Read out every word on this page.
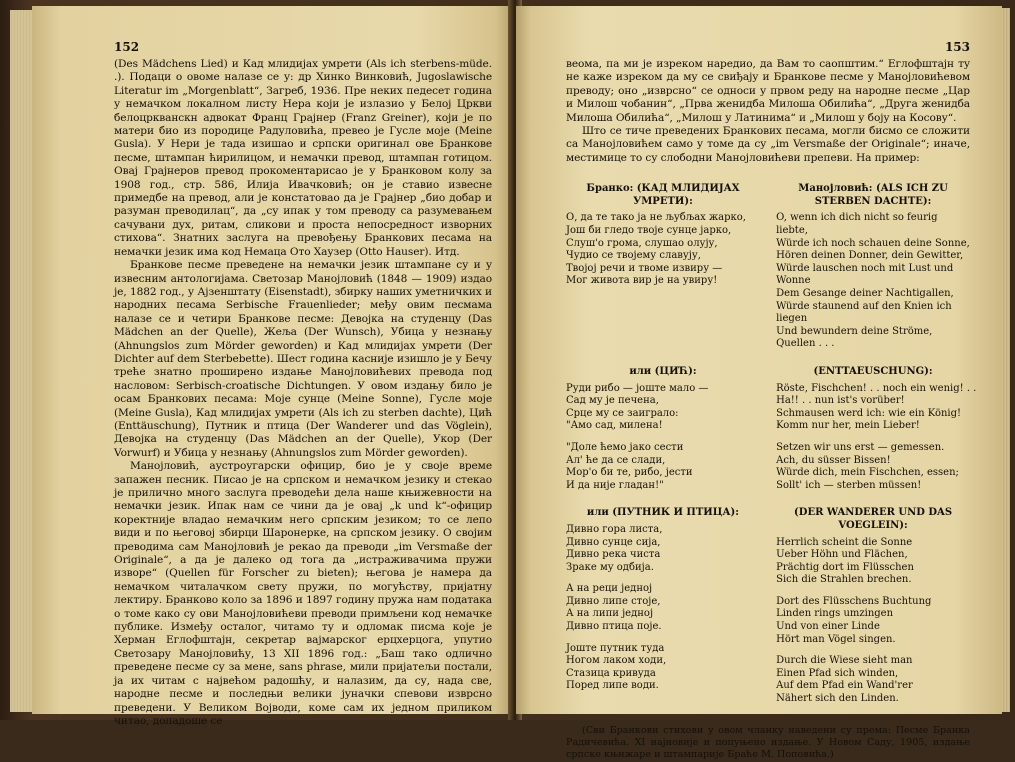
152

(Des Mädchens Lied) и Кад млидијах умрети (Als ich sterbens-müde. .). Подаци о овоме налазе се у: др Хинко Винковић, Jugoslawische Literatur im „Morgenblatt“, Загреб, 1936. Пре неких педесет година у немачком локалном листу Нера који је излазио у Белој Цркви белоцркванскн адвокат Франц Грајнер (Franz Greiner), који је по матери био из породице Радуловића, превео је Гусле моје (Meine Gusla). У Нери је тада изишао и српски оригинал ове Бранкове песме, штампан ћирилицом, и немачки превод, штампан готицом. Овај Грајнеров превод прокоментарисао је у Бранковом колу за 1908 год., стр. 586, Илија Ивачковић; он је ставио извесне примедбе на превод, али је констатовао да је Грајнер „био добар и разуман преводилац“, да „су ипак у том преводу са разумевањем сачувани дух, ритам, сликови и проста непосредност изворних стихова“. Знатних заслуга на превођењу Бранкових песама на немачки језик има код Немаца Ото Хаузер (Otto Hauser). Итд.

Бранкове песме преведене на немачки језик штампане су и у извесним антологијама. Светозар Манојловић (1848 — 1909) издао је, 1882 год., у Ајзенштату (Eisenstadt), збирку наших уметничких и народних песама Serbische Frauenlieder; међу овим песмама налазе се и четири Бранкове песме: Девојка на студенцу (Das Mädchen an der Quelle), Жеља (Der Wunsch), Убица у незнању (Ahnungslos zum Mörder geworden) и Кад млидијах умрети (Der Dichter auf dem Sterbebette). Шест година касније изишло је у Бечу треће знатно проширено издање Манојловићевих превода под насловом: Serbisch-croatische Dichtungen. У овом издању било је осам Бранкових песама: Моје сунце (Meine Sonne), Гусле моје (Meine Gusla), Кад млидијах умрети (Als ich zu sterben dachte), Цић (Enttäuschung), Путник и птица (Der Wanderer und das Vöglein), Девојка на студенцу (Das Mädchen an der Quelle), Укор (Der Vorwurf) и Убица у незнању (Ahnungslos zum Mörder geworden).

Манојловић, аустроугарски официр, био је у своје време запажен песник. Писао је на српском и немачком језику и стекао је прилично много заслуга преводећи дела наше књижевности на немачки језик. Ипак нам се чини да је овај „k und k“-официр коректније владао немачким него српским језиком; то се лепо види и по његовој збирци Шаронерке, на српском језику. О својим преводима сам Манојловић је рекао да преводи „im Versmaße der Originale“, а да је далеко од тога да „истраживачима пружи изворе“ (Quellen für Forscher zu bieten); његова је намера да немачком читалачком свету пружи, по могућству, пријатну лектиру. Бранково коло за 1896 и 1897 годину пружа нам података о томе како су ови Манојловићеви преводи примљени код немачке публике. Између осталог, читамо ту и одломак писма које је Херман Еглофштајн, секретар вајмарског ерцхерцога, упутио Светозару Манојловићу, 13 XII 1896 год.: „Баш тако одлично преведене песме су за мене, sans phrase, мили пријатељи постали, ја их читам с највећом радошћу, и налазим, да су, нада све, народне песме и последњи велики јуначки спевови изврсно преведени. У Великом Војводи, коме сам их једном приликом читао, допадоше се

153

веома, па ми је изреком наредио, да Вам то саопштим.“ Еглофштајн ту не каже изреком да му се свиђају и Бранкове песме у Манојловићевом преводу; оно „изврсно“ се односи у првом реду на народне песме „Цар и Милош чобанин“, „Прва женидба Милоша Обилића“, „Друга женидба Милоша Обилића“, „Милош у Латинима“ и „Милош у боју на Косову“.

Што се тиче преведених Бранкових песама, могли бисмо се сложити са Манојловићем само у томе да су „im Versmaße der Originale“; иначе, местимице то су слободни Манојловићеви препеви. На пример:

Бранко: (КАД МЛИДИЈАХ УМРЕТИ):
О, да те тако ја не љубљах жарко,
Још би гледо твоје сунце јарко,
Слуш'о грома, слушао олују,
Чудио се твојему славују,
Твојој речи и твоме извиру —
Мог живота вир је на увиру!
Манојловић: (ALS ICH ZU STERBEN DACHTE):
O, wenn ich dich nicht so feurig
liebte,
Würde ich noch schauen deine Sonne,
Hören deinen Donner, dein Gewitter,
Würde lauschen noch mit Lust und
Wonne
Dem Gesange deiner Nachtigallen,
Würde staunend auf den Knien ich
liegen
Und bewundern deine Ströme,
Quellen . . .
или (ЦИЋ):
Руди рибо — јоште мало —
Сад му је печена,
Срце му се заиграло:
"Амо сад, милена!
"Доле ћемо јако сести
Ал' ће да се слади,
Мор'о би те, рибо, јести
И да није гладан!"
(ENTTAEUSCHUNG):
Röste, Fischchen! . . noch ein wenig! . .
Ha!! . . nun ist's vorüber!
Schmausen werd ich: wie ein König!
Komm nur her, mein Lieber!
Setzen wir uns erst — gemessen.
Ach, du süsser Bissen!
Würde dich, mein Fischchen, essen;
Sollt' ich — sterben müssen!
или (ПУТНИК И ПТИЦА):
Дивно гора листа,
Дивно сунце сија,
Дивно река чиста
Зраке му одбија.
А на реци једној
Дивно липе стоје,
А на липи једној
Дивно птица поје.
Јоште путник туда
Ногом лаком ходи,
Стазица кривуда
Поред липе води.
(DER WANDERER UND DAS VOEGLEIN):
Herrlich scheint die Sonne
Ueber Höhn und Flächen,
Prächtig dort im Flüsschen
Sich die Strahlen brechen.
Dort des Flüsschens Buchtung
Linden rings umzingen
Und von einer Linde
Hört man Vögel singen.
Durch die Wiese sieht man
Einen Pfad sich winden,
Auf dem Pfad ein Wand'rer
Nähert sich den Linden.

(Сви Бранкови стихови у овом чланку наведени су према: Песме Бранка Радичевића. XI најновије и попуњено издање. У Новом Саду, 1905, издање српске књижаре и штампарије Браће М. Поповића.)
